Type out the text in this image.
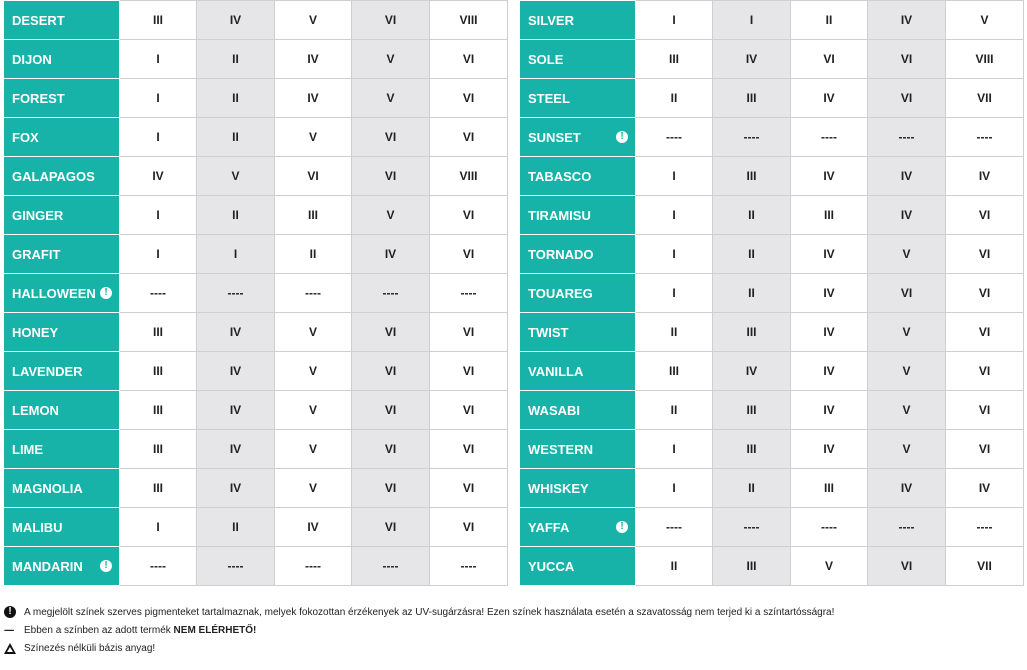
DESERT	III	IV	V	VI	VIII
DIJON	I	II	IV	V	VI
FOREST	I	II	IV	V	VI
FOX	I	II	V	VI	VI
GALAPAGOS	IV	V	VI	VI	VIII
GINGER	I	II	III	V	VI
GRAFIT	I	I	II	IV	VI
HALLOWEEN !	----	----	----	----	----
HONEY	III	IV	V	VI	VI
LAVENDER	III	IV	V	VI	VI
LEMON	III	IV	V	VI	VI
LIME	III	IV	V	VI	VI
MAGNOLIA	III	IV	V	VI	VI
MALIBU	I	II	IV	VI	VI
MANDARIN !	----	----	----	----	----
SILVER	I	I	II	IV	V
SOLE	III	IV	VI	VI	VIII
STEEL	II	III	IV	VI	VII
SUNSET !	----	----	----	----	----
TABASCO	I	III	IV	IV	IV
TIRAMISU	I	II	III	IV	VI
TORNADO	I	II	IV	V	VI
TOUAREG	I	II	IV	VI	VI
TWIST	II	III	IV	V	VI
VANILLA	III	IV	IV	V	VI
WASABI	II	III	IV	V	VI
WESTERN	I	III	IV	V	VI
WHISKEY	I	II	III	IV	IV
YAFFA !	----	----	----	----	----
YUCCA	II	III	V	VI	VII
!	A megjelölt színek szerves pigmenteket tartalmaznak, melyek fokozottan érzékenyek az UV-sugárzásra! Ezen színek használata esetén a szavatosság nem terjed ki a színtartósságra!
----	Ebben a színben az adott termék
NEM ELÉRHETŐ!
Színezés nélküli bázis anyag!
